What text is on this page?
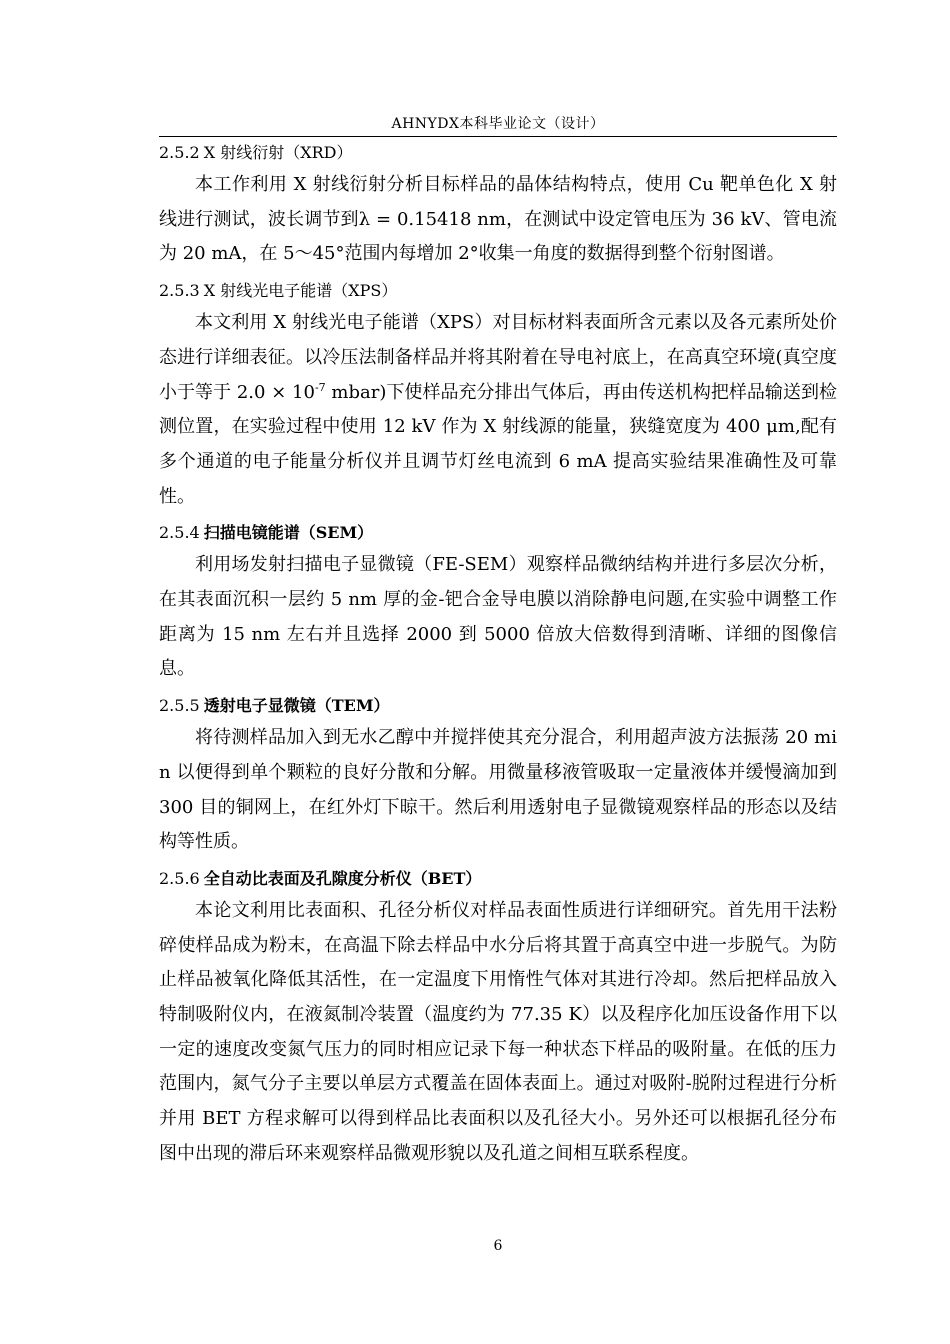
AHNYDX本科毕业论文（设计）
2.5.2 X 射线衍射（XRD）

本工作利用 X 射线衍射分析目标样品的晶体结构特点，使用 Cu 靶单色化 X 射线进行测试，波长调节到λ = 0.15418 nm，在测试中设定管电压为 36 kV、管电流为 20 mA，在 5～45°范围内每增加 2°收集一角度的数据得到整个衍射图谱。

2.5.3 X 射线光电子能谱（XPS）

本文利用 X 射线光电子能谱（XPS）对目标材料表面所含元素以及各元素所处价态进行详细表征。以冷压法制备样品并将其附着在导电衬底上，在高真空环境(真空度小于等于 $2.0 \times 10^{-7}$ mbar)下使样品充分排出气体后，再由传送机构把样品输送到检测位置，在实验过程中使用 12 kV 作为 X 射线源的能量，狭缝宽度为 400 μm,配有多个通道的电子能量分析仪并且调节灯丝电流到 6 mA 提高实验结果准确性及可靠性。

2.5.4 扫描电镜能谱（SEM）

利用场发射扫描电子显微镜（FE-SEM）观察样品微纳结构并进行多层次分析，在其表面沉积一层约 5 nm 厚的金-钯合金导电膜以消除静电问题,在实验中调整工作距离为 15 nm 左右并且选择 2000 到 5000 倍放大倍数得到清晰、详细的图像信息。

2.5.5 透射电子显微镜（TEM）

将待测样品加入到无水乙醇中并搅拌使其充分混合，利用超声波方法振荡 20 min 以便得到单个颗粒的良好分散和分解。用微量移液管吸取一定量液体并缓慢滴加到 300 目的铜网上，在红外灯下晾干。然后利用透射电子显微镜观察样品的形态以及结构等性质。

2.5.6 全自动比表面及孔隙度分析仪（BET）

本论文利用比表面积、孔径分析仪对样品表面性质进行详细研究。首先用干法粉碎使样品成为粉末，在高温下除去样品中水分后将其置于高真空中进一步脱气。为防止样品被氧化降低其活性，在一定温度下用惰性气体对其进行冷却。然后把样品放入特制吸附仪内，在液氮制冷装置（温度约为 77.35 K）以及程序化加压设备作用下以一定的速度改变氮气压力的同时相应记录下每一种状态下样品的吸附量。在低的压力范围内，氮气分子主要以单层方式覆盖在固体表面上。通过对吸附-脱附过程进行分析并用 BET 方程求解可以得到样品比表面积以及孔径大小。另外还可以根据孔径分布图中出现的滞后环来观察样品微观形貌以及孔道之间相互联系程度。

6
